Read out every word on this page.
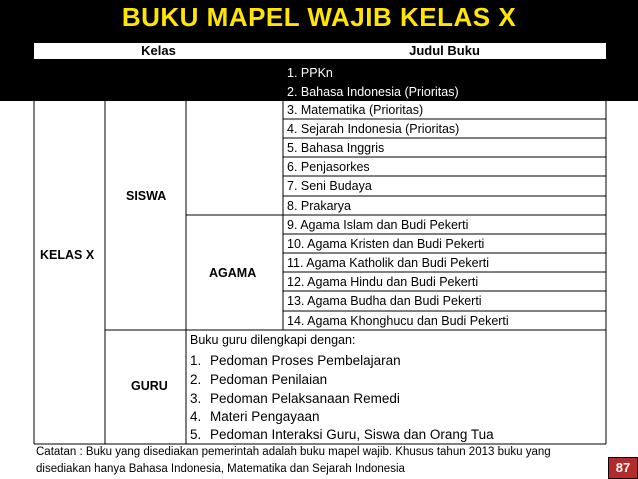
BUKU MAPEL WAJIB KELAS X
Kelas	Judul Buku
KELAS X
SISWA
AGAMA
GURU
1. PPKn
2. Bahasa Indonesia (Prioritas)
3. Matematika (Prioritas)
4. Sejarah Indonesia (Prioritas)
5. Bahasa Inggris
6. Penjasorkes
7. Seni Budaya
8. Prakarya
9. Agama Islam dan Budi Pekerti
10. Agama Kristen dan Budi Pekerti
11. Agama Katholik dan Budi Pekerti
12. Agama Hindu dan Budi Pekerti
13. Agama Budha dan Budi Pekerti
14. Agama Khonghucu dan Budi Pekerti
Buku guru dilengkapi dengan:
1. Pedoman Proses Pembelajaran
2. Pedoman Penilaian
3. Pedoman Pelaksanaan Remedi
4. Materi Pengayaan
5. Pedoman Interaksi Guru, Siswa dan Orang Tua
Catatan : Buku yang disediakan pemerintah adalah buku mapel wajib. Khusus tahun 2013 buku yang
disediakan hanya Bahasa Indonesia, Matematika dan Sejarah Indonesia	87
